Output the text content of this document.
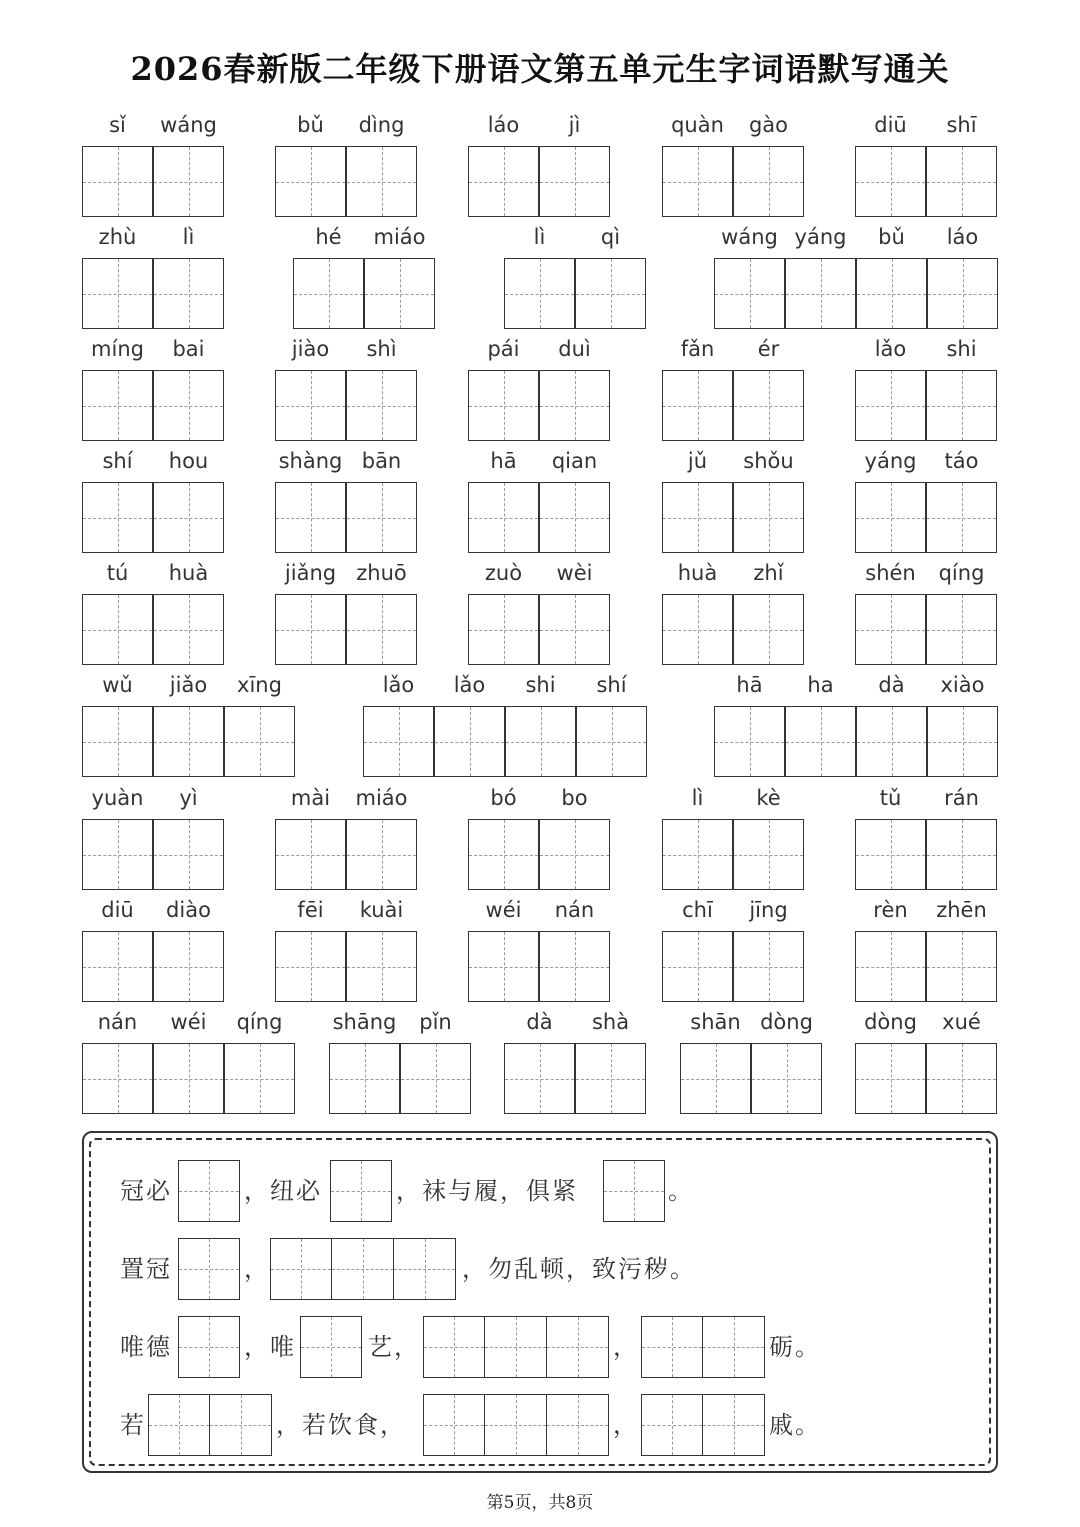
2026春新版二年级下册语文第五单元生字词语默写通关
sǐ	wáng	bǔ	dìng	láo	jì	quàn	gào	diū	shī
zhù	lì	hé	miáo	lì	qì	wáng yáng	bǔ	láo
míng	bai	jiào	shì	pái	duì	fǎn	ér	lǎo	shi
shí	hou	shàng bān	hā	qian	jǔ	shǒu	yáng	táo
tú	huà	jiǎng zhuō	zuò	wèi	huà	zhǐ	shén	qíng
wǔ	jiǎo	xīng	lǎo	lǎo	shi	shí	hā	ha	dà	xiào
yuàn	yì	mài	miáo	bó	bo	lì	kè	tǔ	rán
diū	diào	fēi	kuài	wéi	nán	chī	jīng	rèn	zhēn
nán	wéi	qíng	shāng	pǐn	dà	shà	shān dòng	dòng	xué
冠必	，纽必	，袜与履，俱紧	。
置冠	，	，勿乱顿，致污秽。
唯德	，唯	艺，	，	砺。
若	，若饮食，	，	戚。
第5页，共8页
